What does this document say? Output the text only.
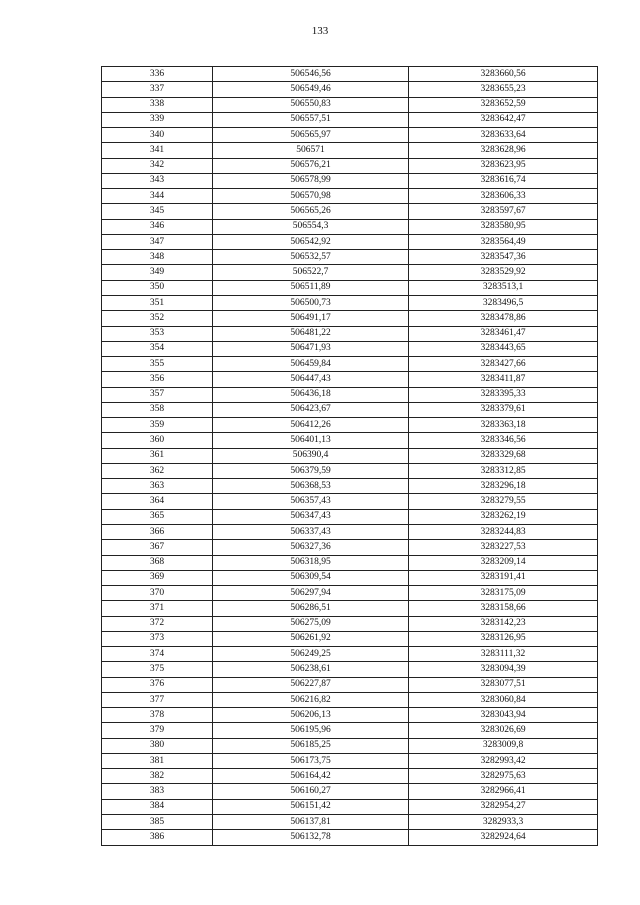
133
336	506546,56	3283660,56
337	506549,46	3283655,23
338	506550,83	3283652,59
339	506557,51	3283642,47
340	506565,97	3283633,64
341	506571	3283628,96
342	506576,21	3283623,95
343	506578,99	3283616,74
344	506570,98	3283606,33
345	506565,26	3283597,67
346	506554,3	3283580,95
347	506542,92	3283564,49
348	506532,57	3283547,36
349	506522,7	3283529,92
350	506511,89	3283513,1
351	506500,73	3283496,5
352	506491,17	3283478,86
353	506481,22	3283461,47
354	506471,93	3283443,65
355	506459,84	3283427,66
356	506447,43	3283411,87
357	506436,18	3283395,33
358	506423,67	3283379,61
359	506412,26	3283363,18
360	506401,13	3283346,56
361	506390,4	3283329,68
362	506379,59	3283312,85
363	506368,53	3283296,18
364	506357,43	3283279,55
365	506347,43	3283262,19
366	506337,43	3283244,83
367	506327,36	3283227,53
368	506318,95	3283209,14
369	506309,54	3283191,41
370	506297,94	3283175,09
371	506286,51	3283158,66
372	506275,09	3283142,23
373	506261,92	3283126,95
374	506249,25	3283111,32
375	506238,61	3283094,39
376	506227,87	3283077,51
377	506216,82	3283060,84
378	506206,13	3283043,94
379	506195,96	3283026,69
380	506185,25	3283009,8
381	506173,75	3282993,42
382	506164,42	3282975,63
383	506160,27	3282966,41
384	506151,42	3282954,27
385	506137,81	3282933,3
386	506132,78	3282924,64
